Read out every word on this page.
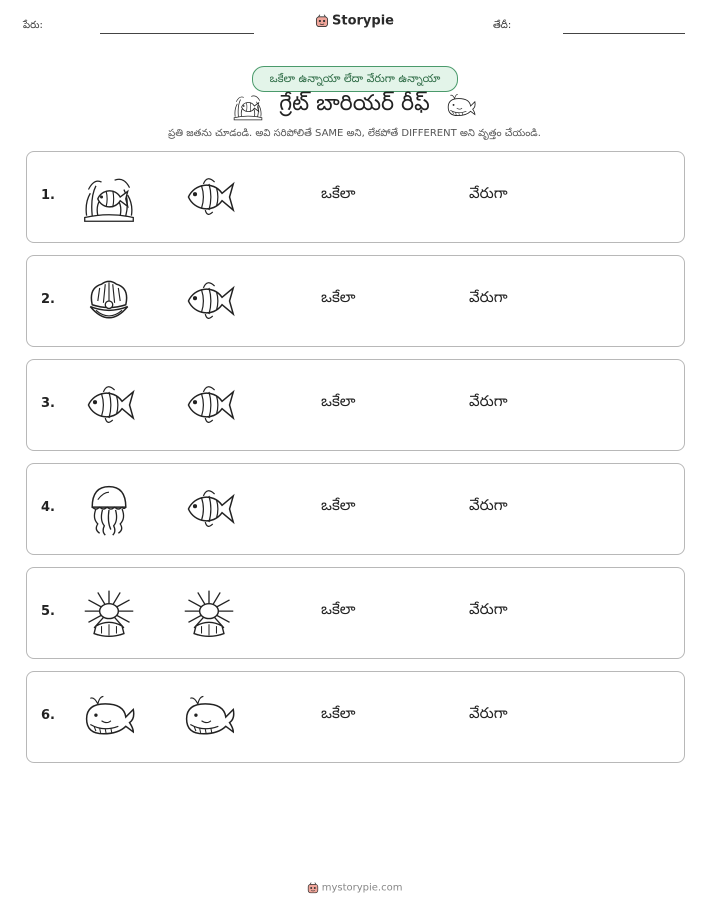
పేరు:	Storypie	తేదీ:
ఒకేలా ఉన్నాయా లేదా వేరుగా ఉన్నాయా
గ్రేట్ బారియర్ రీఫ్
ప్రతి జతను చూడండి. అవి సరిపోలితే SAME అని, లేకపోతే DIFFERENT అని వృత్తం చేయండి.
1.	ఒకేలా	వేరుగా
2.	ఒకేలా	వేరుగా
3.	ఒకేలా	వేరుగా
4.	ఒకేలా	వేరుగా
5.	ఒకేలా	వేరుగా
6.	ఒకేలా	వేరుగా
mystorypie.com
